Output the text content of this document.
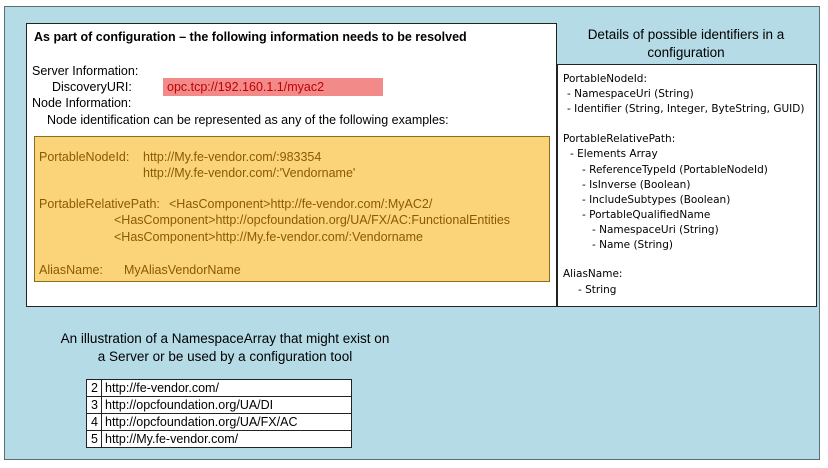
As part of configuration – the following information needs to be resolved
Server Information:
DiscoveryURI:	opc.tcp://192.160.1.1/myac2
Node Information:
Node identification can be represented as any of the following examples:
PortableNodeId: http://My.fe-vendor.com/:983354
http://My.fe-vendor.com/:'Vendorname'
PortableRelativePath: <HasComponent>http://fe-vendor.com/:MyAC2/
<HasComponent>http://opcfoundation.org/UA/FX/AC:FunctionalEntities
<HasComponent>http://My.fe-vendor.com/:Vendorname
AliasName: MyAliasVendorName
Details of possible identifiers in a configuration
PortableNodeId:
- NamespaceUri (String)
- Identifier (String, Integer, ByteString, GUID)
PortableRelativePath:
- Elements Array
- ReferenceTypeId (PortableNodeId)
- IsInverse (Boolean)
- IncludeSubtypes (Boolean)
- PortableQualifiedName
- NamespaceUri (String)
- Name (String)
AliasName:
- String
An illustration of a NamespaceArray that might exist on
a Server or be used by a configuration tool
2	http://fe-vendor.com/
3	http://opcfoundation.org/UA/DI
4	http://opcfoundation.org/UA/FX/AC
5	http://My.fe-vendor.com/
